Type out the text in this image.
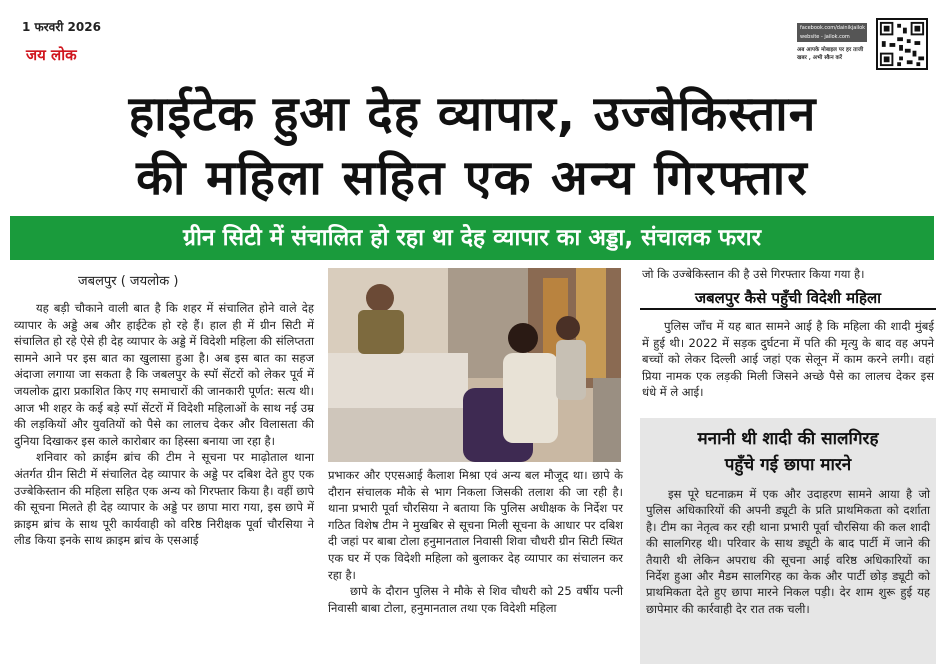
1 फरवरी 2026
जय लोक
facebook.com/dainikjailok website - jailok.com
अब आपके मोबाइल पर हर ताजी खबर , अभी स्कैन करें
हाईटेक हुआ देह व्यापार, उज्बेकिस्तान
की महिला सहित एक अन्य गिरफ्तार
ग्रीन सिटी में संचालित हो रहा था देह व्यापार का अड्डा, संचालक फरार
जबलपुर ( जयलोक )

यह बड़ी चौकाने वाली बात है कि शहर में संचालित होने वाले देह व्यापार के अड्डे अब और हाईटेक हो रहे हैं। हाल ही में ग्रीन सिटी में संचालित हो रहे ऐसे ही देह व्यापार के अड्डे में विदेशी महिला की संलिप्तता सामने आने पर इस बात का खुलासा हुआ है। अब इस बात का सहज अंदाजा लगाया जा सकता है कि जबलपुर के स्पॉ सेंटरों को लेकर पूर्व में जयलोक द्वारा प्रकाशित किए गए समाचारों की जानकारी पूर्णत: सत्य थी। आज भी शहर के कई बड़े स्पॉ सेंटरों में विदेशी महिलाओं के साथ नई उम्र की लड़कियों और युवतियों को पैसे का लालच देकर और विलासता की दुनिया दिखाकर इस काले कारोबार का हिस्सा बनाया जा रहा है।

शनिवार को क्राईम ब्रांच की टीम ने सूचना पर माढ़ोताल थाना अंतर्गत ग्रीन सिटी में संचालित देह व्यापार के अड्डे पर दबिश देते हुए एक उज्बेकिस्तान की महिला सहित एक अन्य को गिरफ्तार किया है। वहीं छापे की सूचना मिलते ही देह व्यापार के अड्डे पर छापा मारा गया, इस छापे में क्राइम ब्रांच के साथ पूरी कार्यवाही को वरिष्ठ निरीक्षक पूर्वा चौरसिया ने लीड किया इनके साथ क्राइम ब्रांच के एसआई

प्रभाकर और एएसआई कैलाश मिश्रा एवं अन्य बल मौजूद था। छापे के दौरान संचालक मौके से भाग निकला जिसकी तलाश की जा रही है। थाना प्रभारी पूर्वा चौरसिया ने बताया कि पुलिस अधीक्षक के निर्देश पर गठित विशेष टीम ने मुखबिर से सूचना मिली सूचना के आधार पर दबिश दी जहां पर बाबा टोला हनुमानताल निवासी शिवा चौधरी ग्रीन सिटी स्थित एक घर में एक विदेशी महिला को बुलाकर देह व्यापार का संचालन कर रहा है।

छापे के दौरान पुलिस ने मौके से शिव चौधरी को 25 वर्षीय पत्नी निवासी बाबा टोला, हनुमानताल तथा एक विदेशी महिला

जो कि उज्बेकिस्तान की है उसे गिरफ्तार किया गया है।
जबलपुर कैसे पहुँची विदेशी महिला

पुलिस जाँच में यह बात सामने आई है कि महिला की शादी मुंबई में हुई थी। 2022 में सड़क दुर्घटना में पति की मृत्यु के बाद वह अपने बच्चों को लेकर दिल्ली आई जहां एक सेलून में काम करने लगी। वहां प्रिया नामक एक लड़की मिली जिसने अच्छे पैसे का लालच देकर इस धंधे में ले आई।

मनानी थी शादी की सालगिरह
पहुँचे गई छापा मारने

इस पूरे घटनाक्रम में एक और उदाहरण सामने आया है जो पुलिस अधिकारियों की अपनी ड्यूटी के प्रति प्राथमिकता को दर्शाता है। टीम का नेतृत्व कर रही थाना प्रभारी पूर्वा चौरसिया की कल शादी की सालगिरह थी। परिवार के साथ ड्यूटी के बाद पार्टी में जाने की तैयारी थी लेकिन अपराध की सूचना आई वरिष्ठ अधिकारियों का निर्देश हुआ और मैडम सालगिरह का केक और पार्टी छोड़ ड्यूटी को प्राथमिकता देते हुए छापा मारने निकल पड़ी। देर शाम शुरू हुई यह छापेमार की कार्रवाही देर रात तक चली।
